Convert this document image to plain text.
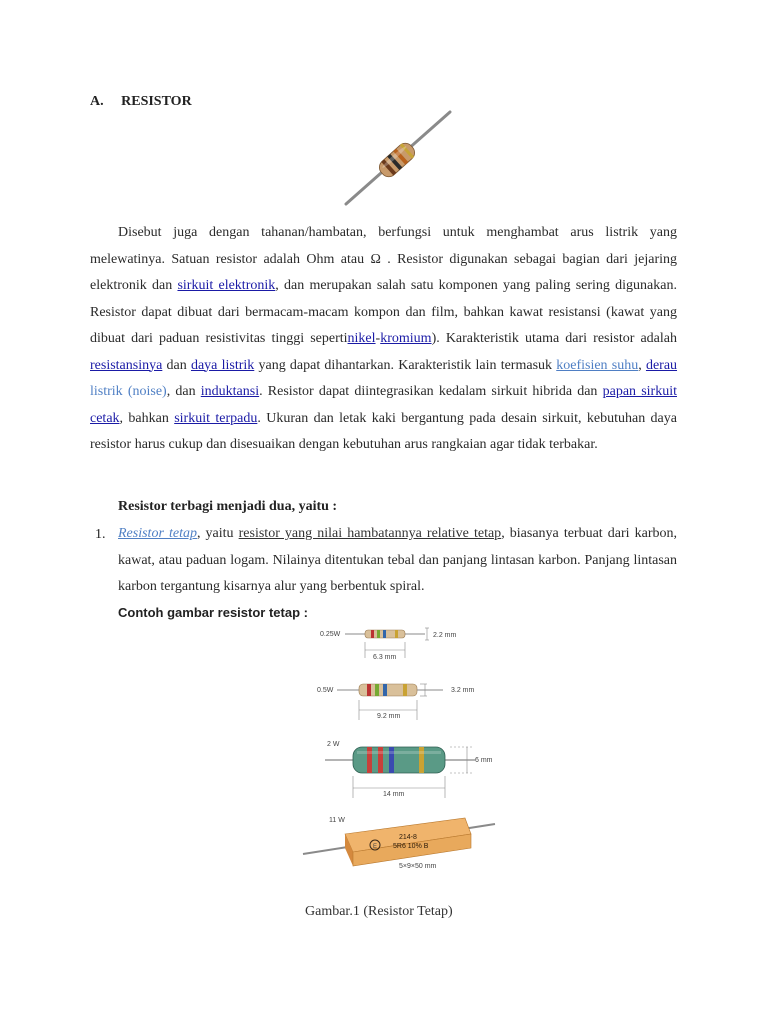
A. RESISTOR
Disebut juga dengan tahanan/hambatan, berfungsi untuk menghambat arus listrik yang melewatinya. Satuan resistor adalah Ohm atau Ω . Resistor digunakan sebagai bagian dari jejaring elektronik dan sirkuit elektronik, dan merupakan salah satu komponen yang paling sering digunakan. Resistor dapat dibuat dari bermacam-macam kompon dan film, bahkan kawat resistansi (kawat yang dibuat dari paduan resistivitas tinggi sepertinikel-kromium). Karakteristik utama dari resistor adalah resistansinya dan daya listrik yang dapat dihantarkan. Karakteristik lain termasuk koefisien suhu, derau listrik (noise), dan induktansi. Resistor dapat diintegrasikan kedalam sirkuit hibrida dan papan sirkuit cetak, bahkan sirkuit terpadu. Ukuran dan letak kaki bergantung pada desain sirkuit, kebutuhan daya resistor harus cukup dan disesuaikan dengan kebutuhan arus rangkaian agar tidak terbakar.
Resistor terbagi menjadi dua, yaitu :
1. Resistor tetap, yaitu resistor yang nilai hambatannya relative tetap, biasanya terbuat dari karbon, kawat, atau paduan logam. Nilainya ditentukan tebal dan panjang lintasan karbon. Panjang lintasan karbon tergantung kisarnya alur yang berbentuk spiral.
Contoh gambar resistor tetap :
0.25W	2.2 mm
6.3 mm
0.5W	3.2 mm
9.2 mm
2 W
6 mm
14 mm
11 W
E
214-8
5R6 10% B
5×9×50 mm
Gambar.1 (Resistor Tetap)
